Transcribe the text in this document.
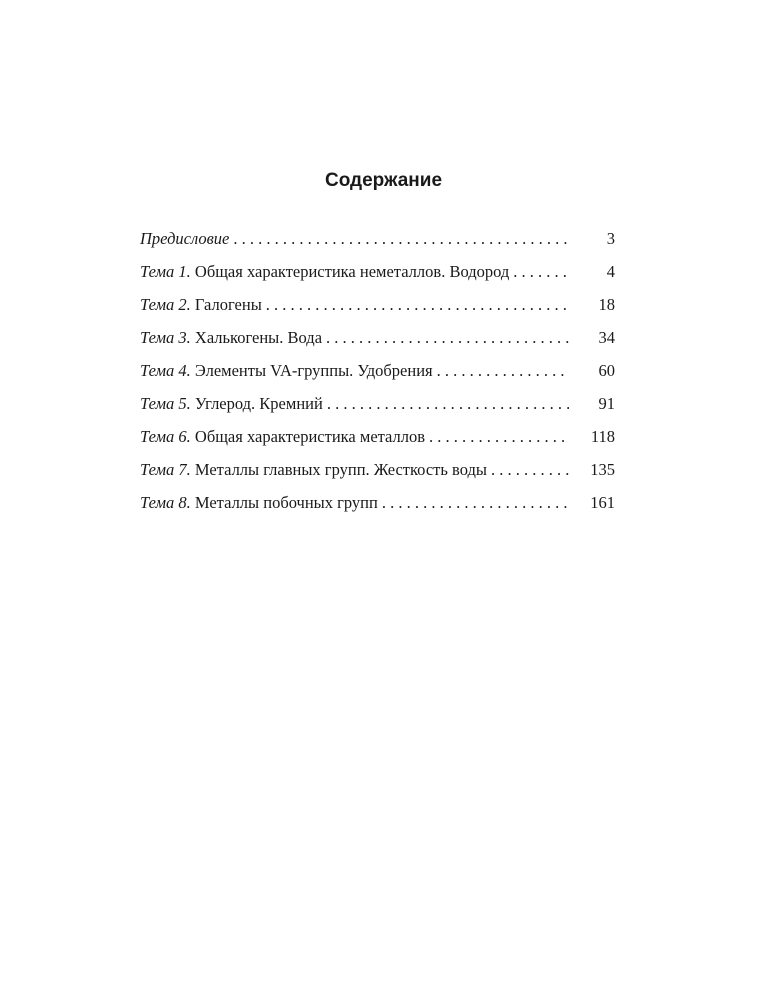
Содержание
Предисловие . . .	3
Тема 1. Общая характеристика неметаллов. Водород . . .	4
Тема 2. Галогены . . .	18
Тема 3. Халькогены. Вода . . .	34
Тема 4. Элементы VA-группы. Удобрения . . .	60
Тема 5. Углерод. Кремний . . .	91
Тема 6. Общая характеристика металлов . . .	118
Тема 7. Металлы главных групп. Жесткость воды . . .	135
Тема 8. Металлы побочных групп . . .	161
